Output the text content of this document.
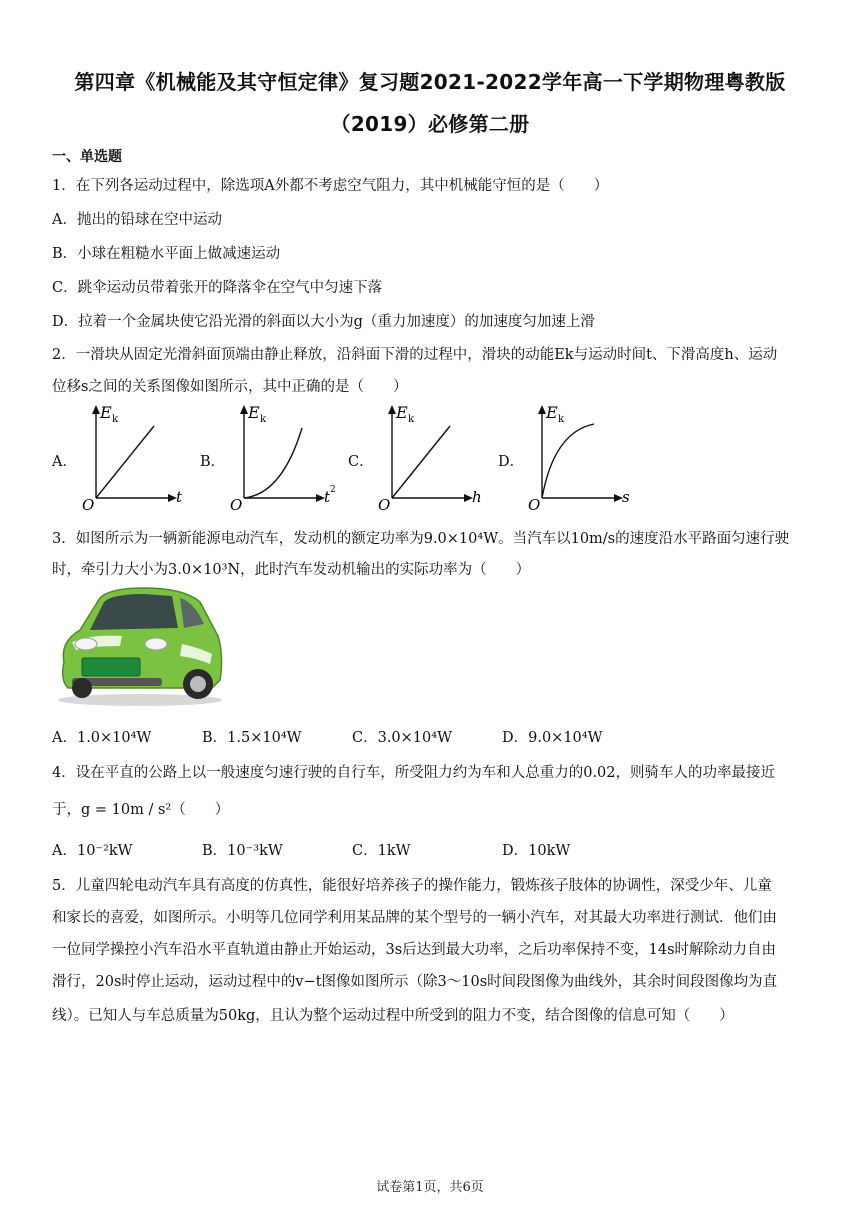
第四章《机械能及其守恒定律》复习题2021-2022学年高一下学期物理粤教版
（2019）必修第二册
一、单选题
1．在下列各运动过程中，除选项A外都不考虑空气阻力，其中机械能守恒的是（　　）
A．抛出的铅球在空中运动
B．小球在粗糙水平面上做减速运动
C．跳伞运动员带着张开的降落伞在空气中匀速下落
D．拉着一个金属块使它沿光滑的斜面以大小为g（重力加速度）的加速度匀加速上滑
2．一滑块从固定光滑斜面顶端由静止释放，沿斜面下滑的过程中，滑块的动能Ek与运动时间t、下滑高度h、运动
位移s之间的关系图像如图所示，其中正确的是（　　）
A．
E k
O	t
B．
E k
O	t 2
C．
E k
O	h
D．
E k
O	s
3．如图所示为一辆新能源电动汽车，发动机的额定功率为9.0×10⁴W。当汽车以10m/s的速度沿水平路面匀速行驶
时，牵引力大小为3.0×10³N，此时汽车发动机输出的实际功率为（　　）
A．1.0×10⁴W	B．1.5×10⁴W	C．3.0×10⁴W	D．9.0×10⁴W
4．设在平直的公路上以一般速度匀速行驶的自行车，所受阻力约为车和人总重力的0.02，则骑车人的功率最接近
于，g = 10m / s²（　　）
A．10⁻²kW	B．10⁻³kW	C．1kW	D．10kW
5．儿童四轮电动汽车具有高度的仿真性，能很好培养孩子的操作能力，锻炼孩子肢体的协调性，深受少年、儿童
和家长的喜爱，如图所示。小明等几位同学利用某品牌的某个型号的一辆小汽车，对其最大功率进行测试．他们由
一位同学操控小汽车沿水平直轨道由静止开始运动，3s后达到最大功率，之后功率保持不变，14s时解除动力自由
滑行，20s时停止运动，运动过程中的v−t图像如图所示（除3～10s时间段图像为曲线外，其余时间段图像均为直
线）。已知人与车总质量为50kg，且认为整个运动过程中所受到的阻力不变，结合图像的信息可知（　　）
试卷第1页，共6页
